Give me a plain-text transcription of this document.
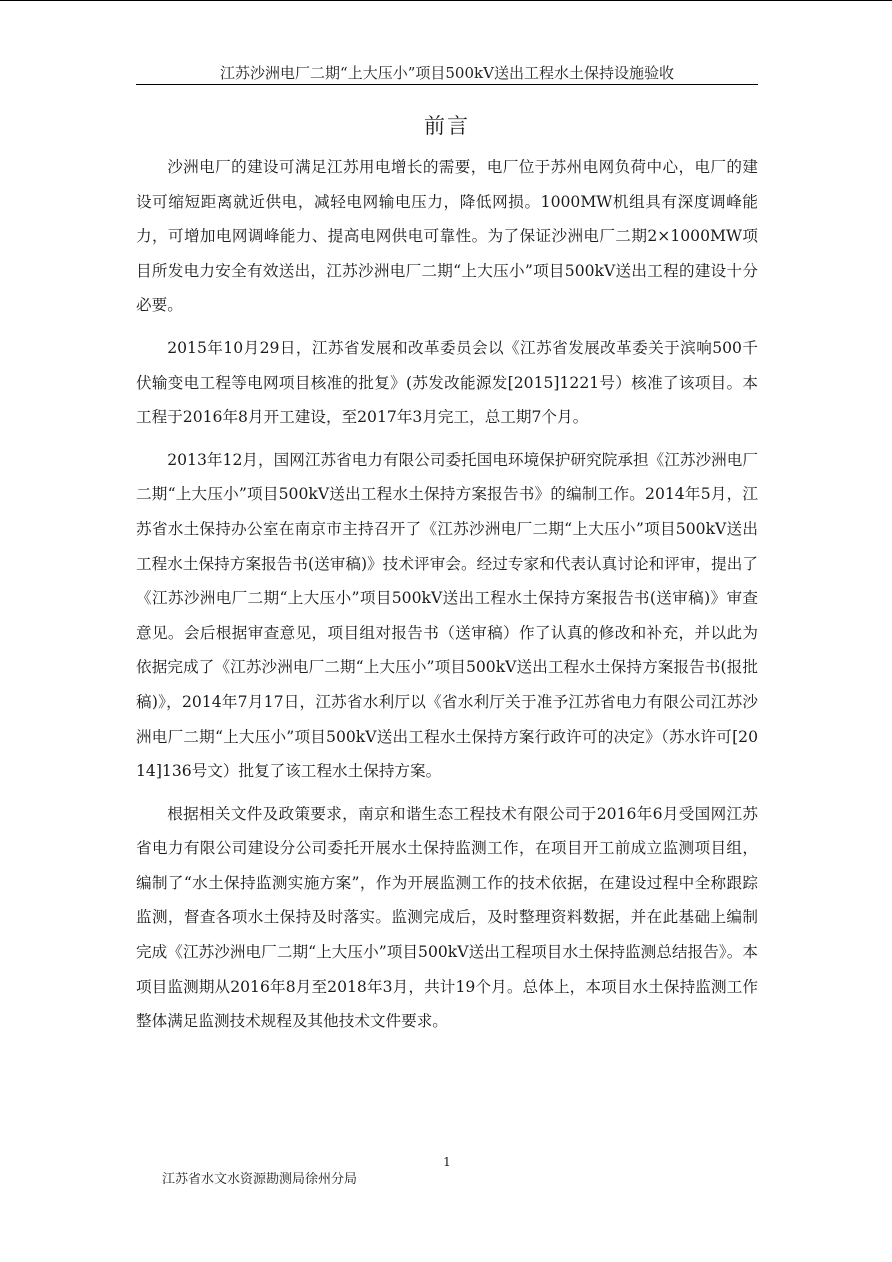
江苏沙洲电厂二期“上大压小”项目500kV送出工程水土保持设施验收
前言

沙洲电厂的建设可满足江苏用电增长的需要，电厂位于苏州电网负荷中心，电厂的建设可缩短距离就近供电，减轻电网输电压力，降低网损。1000MW机组具有深度调峰能力，可增加电网调峰能力、提高电网供电可靠性。为了保证沙洲电厂二期2×1000MW项目所发电力安全有效送出，江苏沙洲电厂二期“上大压小”项目500kV送出工程的建设十分必要。

2015年10月29日，江苏省发展和改革委员会以《江苏省发展改革委关于滨响500千伏输变电工程等电网项目核准的批复》(苏发改能源发[2015]1221号）核准了该项目。本工程于2016年8月开工建设，至2017年3月完工，总工期7个月。

2013年12月，国网江苏省电力有限公司委托国电环境保护研究院承担《江苏沙洲电厂二期“上大压小”项目500kV送出工程水土保持方案报告书》的编制工作。2014年5月，江苏省水土保持办公室在南京市主持召开了《江苏沙洲电厂二期“上大压小”项目500kV送出工程水土保持方案报告书(送审稿)》技术评审会。经过专家和代表认真讨论和评审，提出了《江苏沙洲电厂二期“上大压小”项目500kV送出工程水土保持方案报告书(送审稿)》审查意见。会后根据审查意见，项目组对报告书（送审稿）作了认真的修改和补充，并以此为依据完成了《江苏沙洲电厂二期“上大压小”项目500kV送出工程水土保持方案报告书(报批稿)》，2014年7月17日，江苏省水利厅以《省水利厅关于准予江苏省电力有限公司江苏沙洲电厂二期“上大压小”项目500kV送出工程水土保持方案行政许可的决定》（苏水许可[2014]136号文）批复了该工程水土保持方案。

根据相关文件及政策要求，南京和谐生态工程技术有限公司于2016年6月受国网江苏省电力有限公司建设分公司委托开展水土保持监测工作，在项目开工前成立监测项目组，编制了“水土保持监测实施方案”，作为开展监测工作的技术依据，在建设过程中全称跟踪监测，督查各项水土保持及时落实。监测完成后，及时整理资料数据，并在此基础上编制完成《江苏沙洲电厂二期“上大压小”项目500kV送出工程项目水土保持监测总结报告》。本项目监测期从2016年8月至2018年3月，共计19个月。总体上，本项目水土保持监测工作整体满足监测技术规程及其他技术文件要求。

1
江苏省水文水资源勘测局徐州分局
